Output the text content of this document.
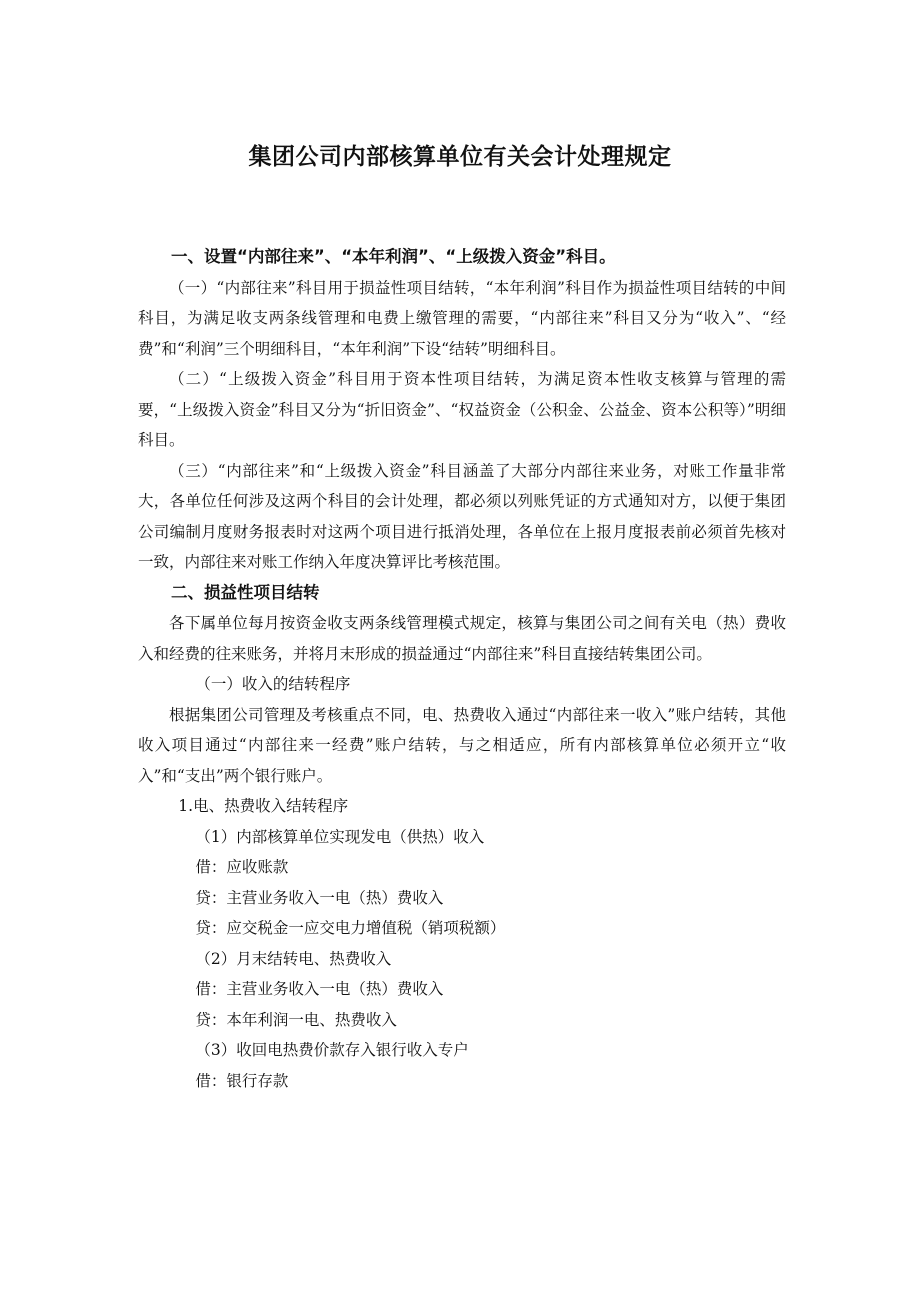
集团公司内部核算单位有关会计处理规定

一、设置“内部往来”、“本年利润”、“上级拨入资金”科目。

（一）“内部往来”科目用于损益性项目结转，“本年利润”科目作为损益性项目结转的中间科目，为满足收支两条线管理和电费上缴管理的需要，“内部往来”科目又分为“收入”、“经费”和“利润”三个明细科目，“本年利润”下设“结转”明细科目。

（二）“上级拨入资金”科目用于资本性项目结转，为满足资本性收支核算与管理的需要，“上级拨入资金”科目又分为“折旧资金”、“权益资金（公积金、公益金、资本公积等）”明细科目。

（三）“内部往来”和“上级拨入资金”科目涵盖了大部分内部往来业务，对账工作量非常大，各单位任何涉及这两个科目的会计处理，都必须以列账凭证的方式通知对方，以便于集团公司编制月度财务报表时对这两个项目进行抵消处理，各单位在上报月度报表前必须首先核对一致，内部往来对账工作纳入年度决算评比考核范围。

二、损益性项目结转

各下属单位每月按资金收支两条线管理模式规定，核算与集团公司之间有关电（热）费收入和经费的往来账务，并将月末形成的损益通过“内部往来”科目直接结转集团公司。

（一）收入的结转程序

根据集团公司管理及考核重点不同，电、热费收入通过“内部往来一收入”账户结转，其他收入项目通过“内部往来一经费”账户结转，与之相适应，所有内部核算单位必须开立“收入”和“支出”两个银行账户。

1.电、热费收入结转程序

（1）内部核算单位实现发电（供热）收入

借：应收账款

贷：主营业务收入一电（热）费收入

贷：应交税金一应交电力增值税（销项税额）

（2）月末结转电、热费收入

借：主营业务收入一电（热）费收入

贷：本年利润一电、热费收入

（3）收回电热费价款存入银行收入专户

借：银行存款
